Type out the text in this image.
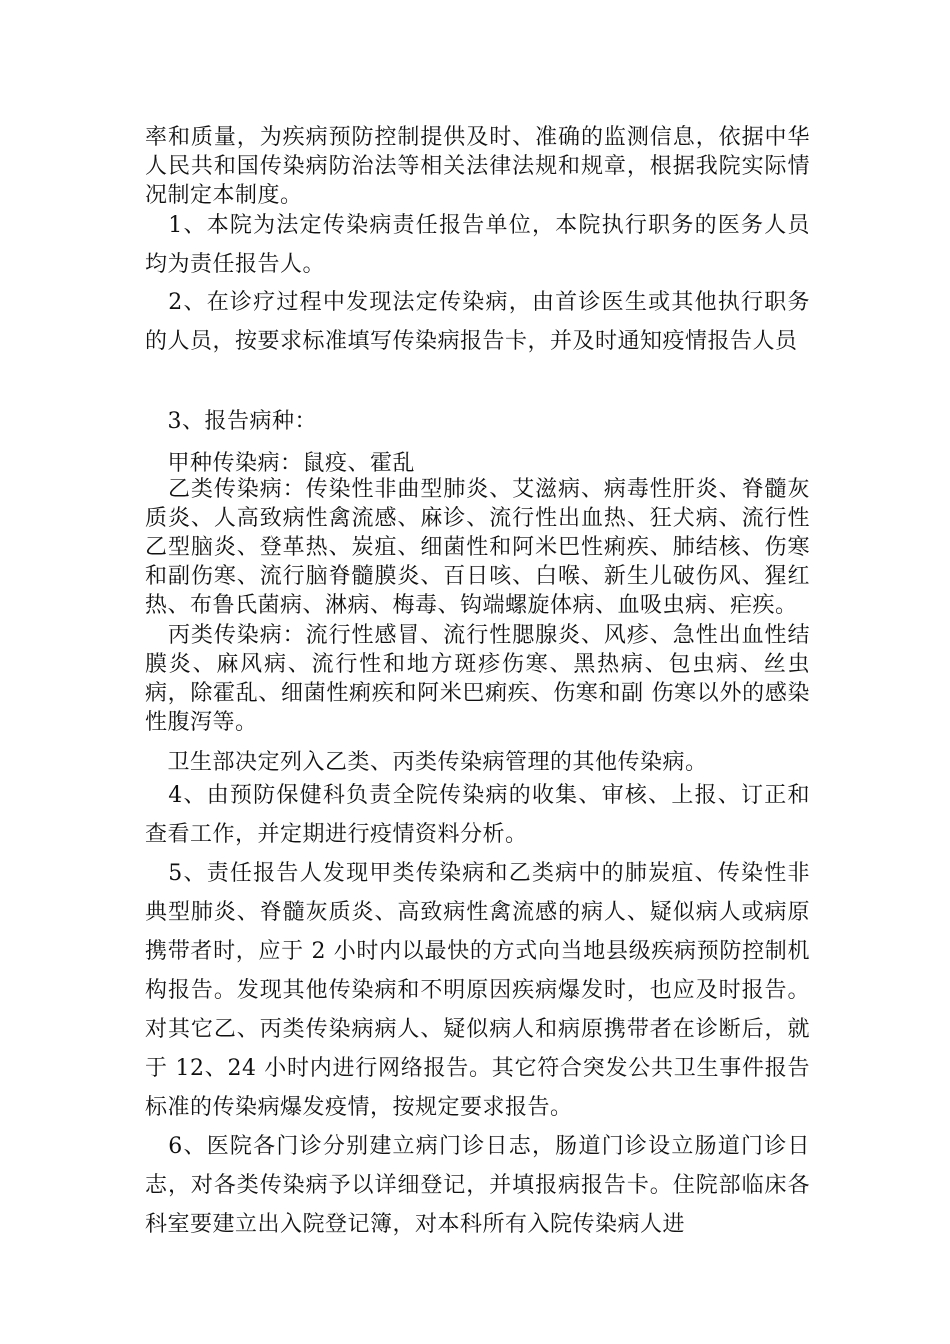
率和质量，为疾病预防控制提供及时、准确的监测信息，依据中华人民共和国传染病防治法等相关法律法规和规章，根据我院实际情况制定本制度。

　1、本院为法定传染病责任报告单位，本院执行职务的医务人员均为责任报告人。

　2、在诊疗过程中发现法定传染病，由首诊医生或其他执行职务的人员，按要求标准填写传染病报告卡，并及时通知疫情报告人员

　3、报告病种：

　甲种传染病：鼠疫、霍乱

　乙类传染病：传染性非曲型肺炎、艾滋病、病毒性肝炎、脊髓灰质炎、人高致病性禽流感、麻诊、流行性出血热、狂犬病、流行性乙型脑炎、登革热、炭疽、细菌性和阿米巴性痢疾、肺结核、伤寒和副伤寒、流行脑脊髓膜炎、百日咳、白喉、新生儿破伤风、猩红热、布鲁氏菌病、淋病、梅毒、钩端螺旋体病、血吸虫病、疟疾。

　丙类传染病：流行性感冒、流行性腮腺炎、风疹、急性出血性结膜炎、麻风病、流行性和地方斑疹伤寒、黑热病、包虫病、丝虫病，除霍乱、细菌性痢疾和阿米巴痢疾、伤寒和副 伤寒以外的感染性腹泻等。

　卫生部决定列入乙类、丙类传染病管理的其他传染病。

　4、由预防保健科负责全院传染病的收集、审核、上报、订正和查看工作，并定期进行疫情资料分析。

　5、责任报告人发现甲类传染病和乙类病中的肺炭疽、传染性非典型肺炎、脊髓灰质炎、高致病性禽流感的病人、疑似病人或病原携带者时，应于 2 小时内以最快的方式向当地县级疾病预防控制机构报告。发现其他传染病和不明原因疾病爆发时，也应及时报告。对其它乙、丙类传染病病人、疑似病人和病原携带者在诊断后，就于 12、24 小时内进行网络报告。其它符合突发公共卫生事件报告标准的传染病爆发疫情，按规定要求报告。

　6、医院各门诊分别建立病门诊日志，肠道门诊设立肠道门诊日志，对各类传染病予以详细登记，并填报病报告卡。住院部临床各科室要建立出入院登记簿，对本科所有入院传染病人进
